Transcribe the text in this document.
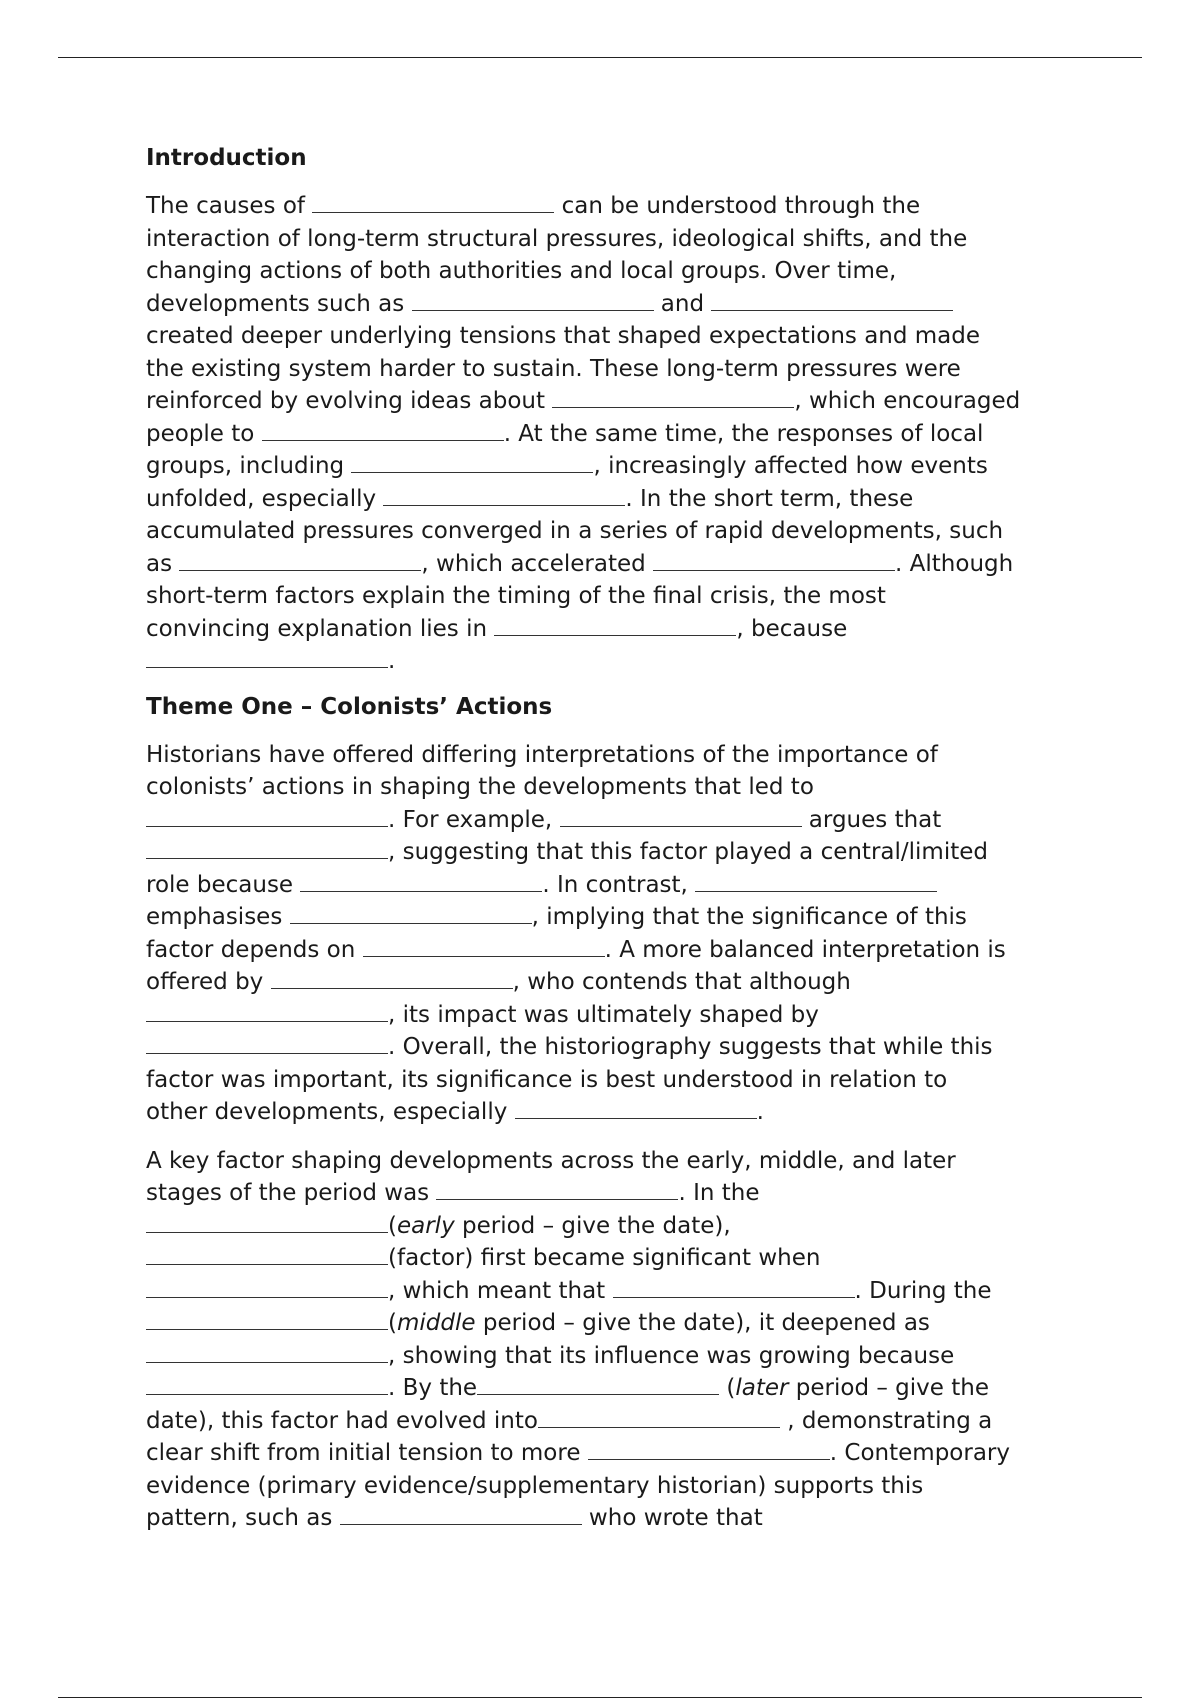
Introduction
The causes of	can be understood through the
interaction of long-term structural pressures, ideological shifts, and the
changing actions of both authorities and local groups. Over time,
developments such as	and
created deeper underlying tensions that shaped expectations and made
the existing system harder to sustain. These long-term pressures were
reinforced by evolving ideas about	, which encouraged
people to	. At the same time, the responses of local
groups, including	, increasingly affected how events
unfolded, especially	. In the short term, these
accumulated pressures converged in a series of rapid developments, such
as	, which accelerated	. Although
short-term factors explain the timing of the final crisis, the most
convincing explanation lies in	, because
.
Theme One – Colonists’ Actions
Historians have offered differing interpretations of the importance of
colonists’ actions in shaping the developments that led to
. For example,	argues that
, suggesting that this factor played a central/limited
role because	. In contrast,
emphasises	, implying that the significance of this
factor depends on	. A more balanced interpretation is
offered by	, who contends that although
, its impact was ultimately shaped by
. Overall, the historiography suggests that while this
factor was important, its significance is best understood in relation to
other developments, especially	.
A key factor shaping developments across the early, middle, and later
stages of the period was	. In the
(early period – give the date),
(factor) first became significant when
, which meant that	. During the
(middle period – give the date), it deepened as
, showing that its influence was growing because
. By the	(later period – give the
date), this factor had evolved into	, demonstrating a
clear shift from initial tension to more	. Contemporary
evidence (primary evidence/supplementary historian) supports this
pattern, such as	who wrote that
